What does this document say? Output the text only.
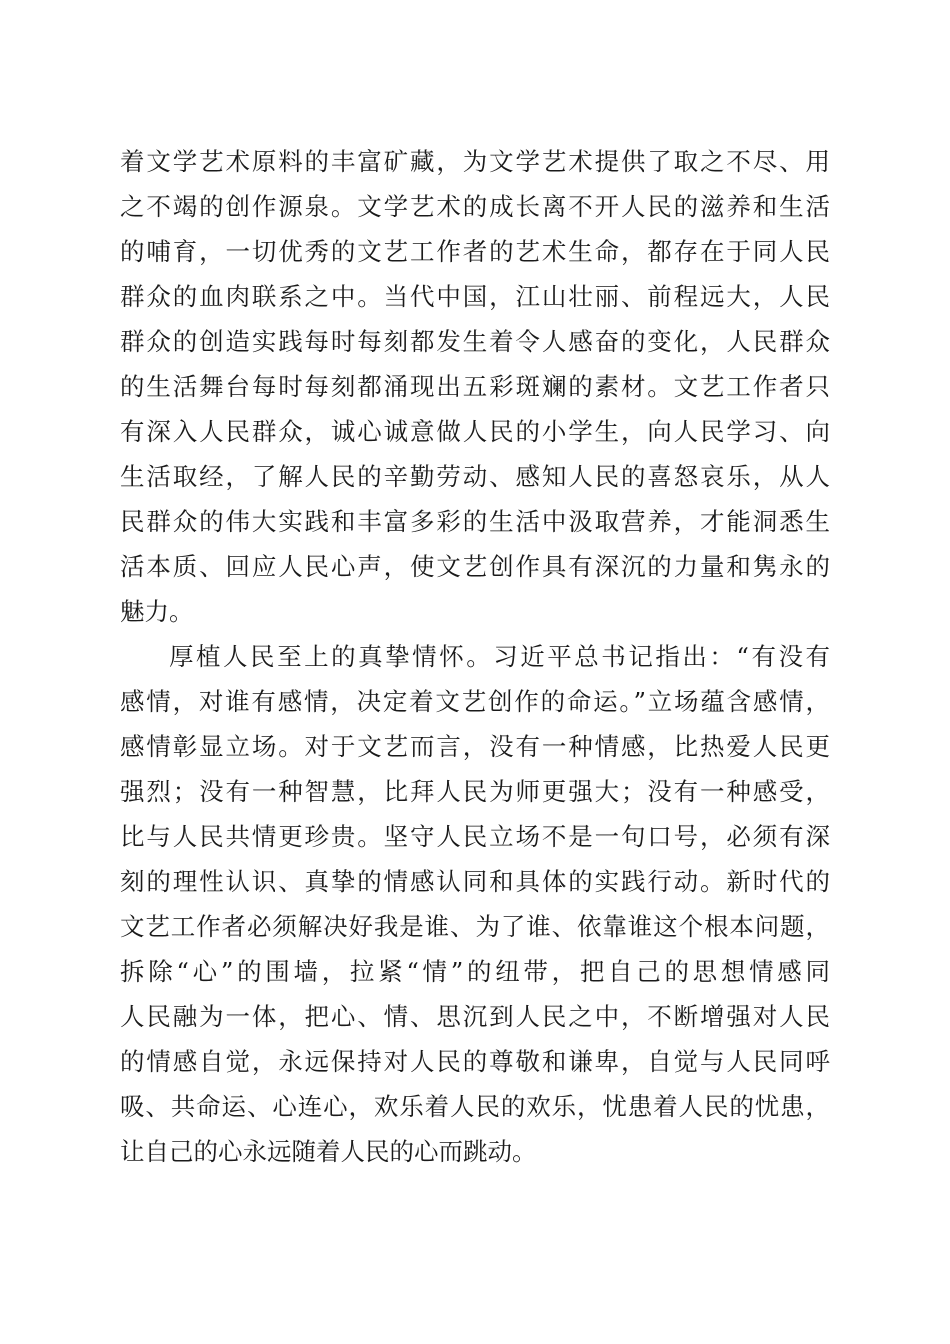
着文学艺术原料的丰富矿藏，为文学艺术提供了取之不尽、用
之不竭的创作源泉。文学艺术的成长离不开人民的滋养和生活
的哺育，一切优秀的文艺工作者的艺术生命，都存在于同人民
群众的血肉联系之中。当代中国，江山壮丽、前程远大，人民
群众的创造实践每时每刻都发生着令人感奋的变化，人民群众
的生活舞台每时每刻都涌现出五彩斑斓的素材。文艺工作者只
有深入人民群众，诚心诚意做人民的小学生，向人民学习、向
生活取经，了解人民的辛勤劳动、感知人民的喜怒哀乐，从人
民群众的伟大实践和丰富多彩的生活中汲取营养，才能洞悉生
活本质、回应人民心声，使文艺创作具有深沉的力量和隽永的
魅力。
厚植人民至上的真挚情怀。习近平总书记指出：“有没有
感情，对谁有感情，决定着文艺创作的命运。”立场蕴含感情，
感情彰显立场。对于文艺而言，没有一种情感，比热爱人民更
强烈；没有一种智慧，比拜人民为师更强大；没有一种感受，
比与人民共情更珍贵。坚守人民立场不是一句口号，必须有深
刻的理性认识、真挚的情感认同和具体的实践行动。新时代的
文艺工作者必须解决好我是谁、为了谁、依靠谁这个根本问题，
拆除“心”的围墙，拉紧“情”的纽带，把自己的思想情感同
人民融为一体，把心、情、思沉到人民之中，不断增强对人民
的情感自觉，永远保持对人民的尊敬和谦卑，自觉与人民同呼
吸、共命运、心连心，欢乐着人民的欢乐，忧患着人民的忧患，
让自己的心永远随着人民的心而跳动。
